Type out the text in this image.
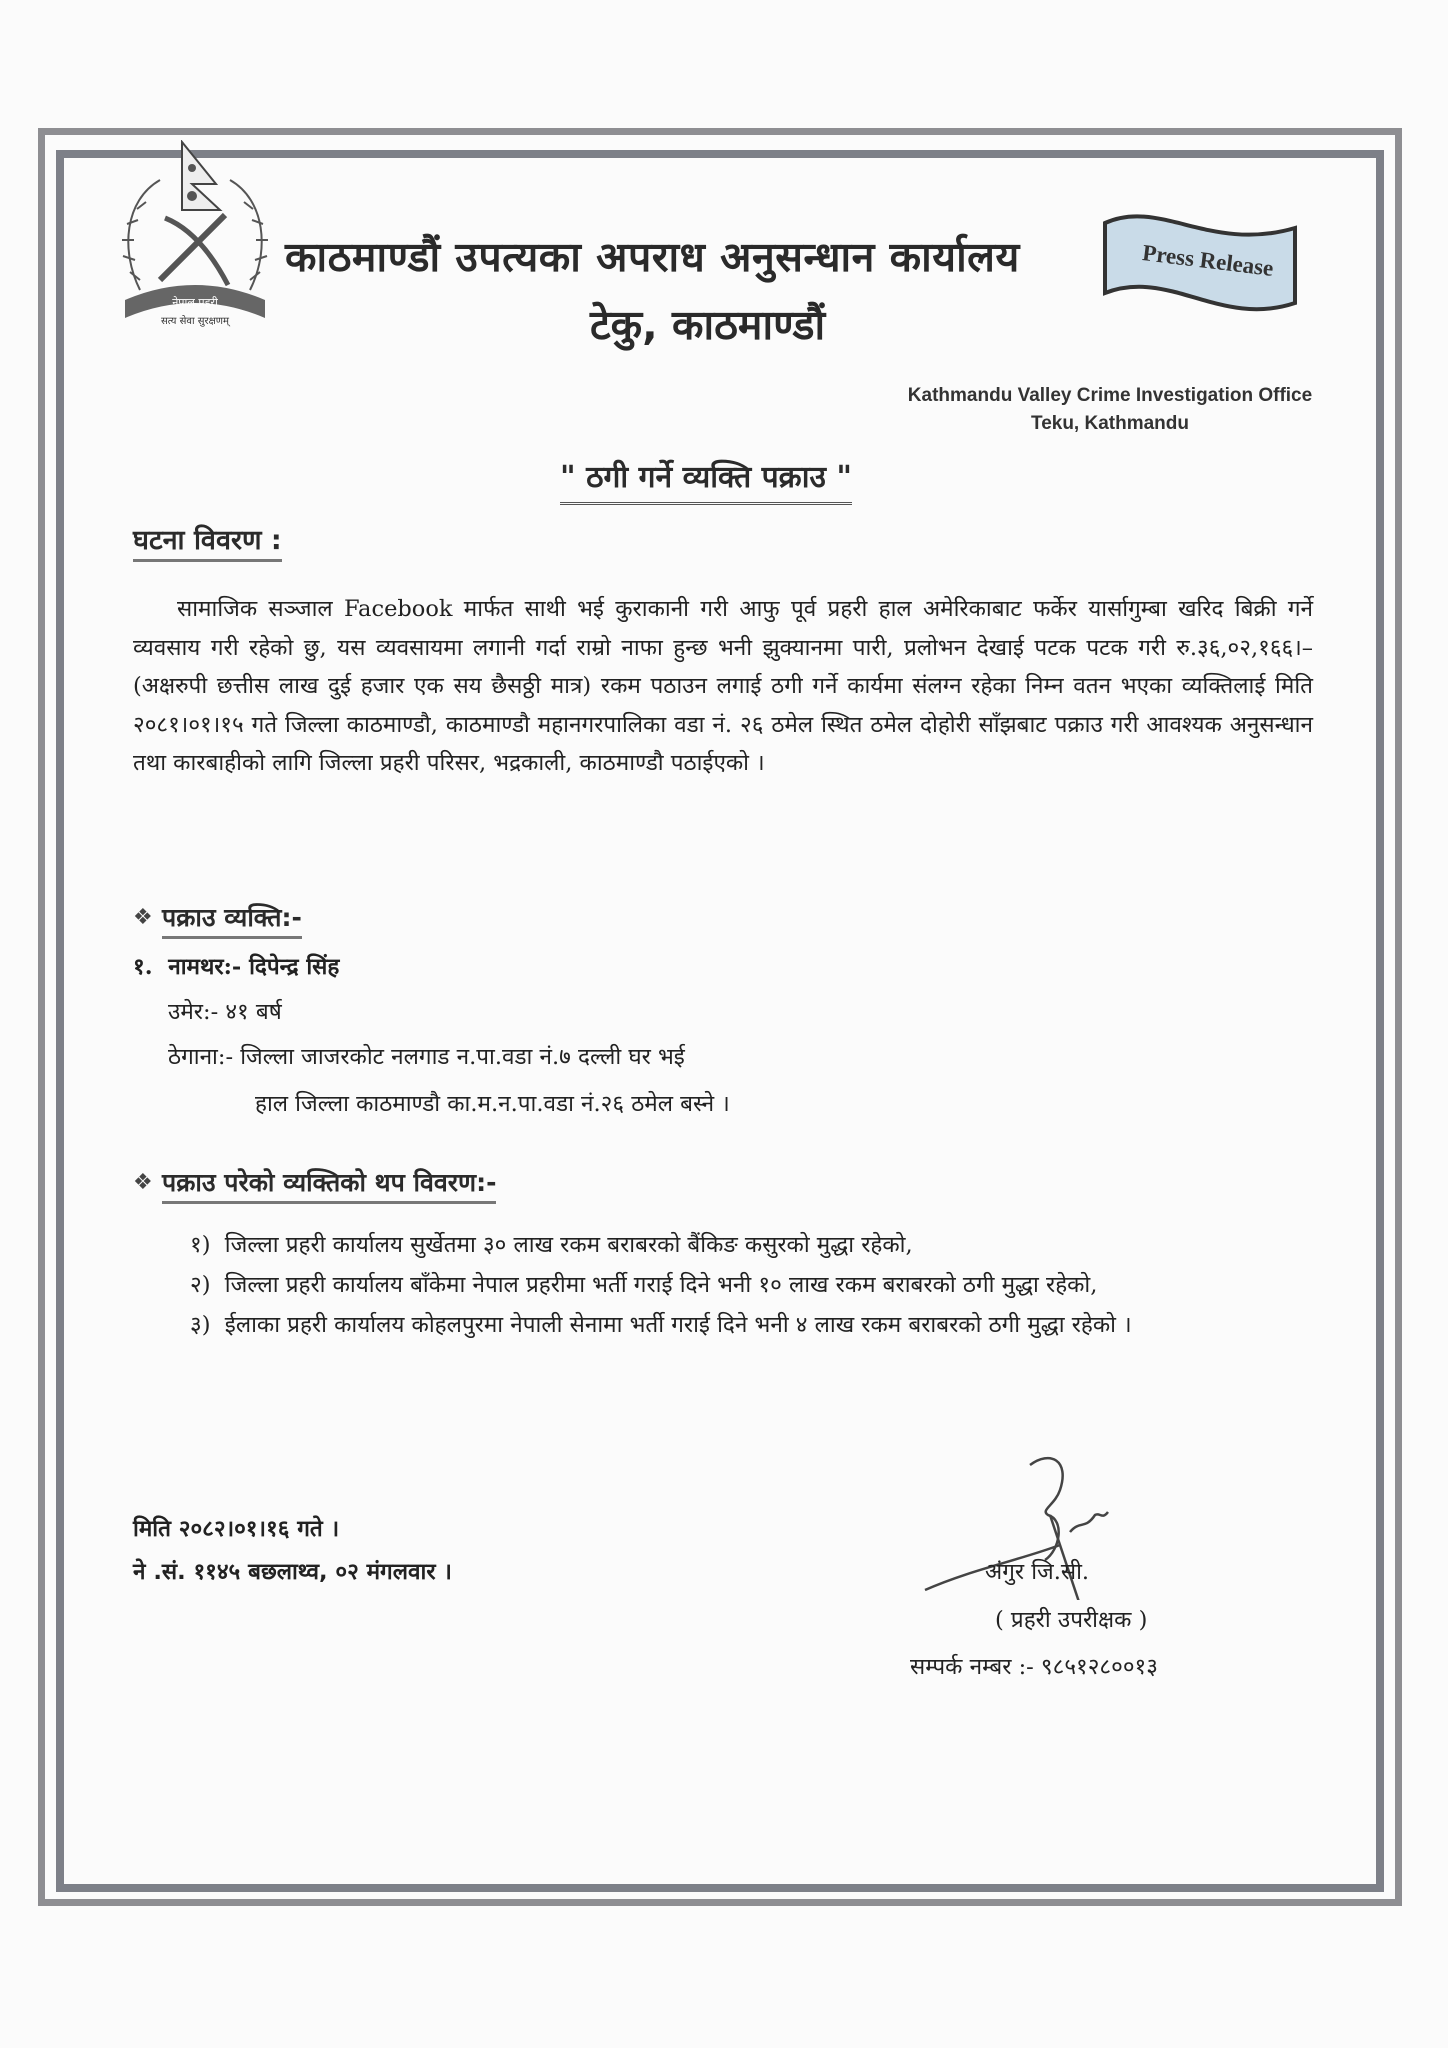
नेपाल प्रहरी
सत्य सेवा सुरक्षणम्
काठमाण्डौं उपत्यका अपराध अनुसन्धान कार्यालय
टेकु, काठमाण्डौं
Press Release
Kathmandu Valley Crime Investigation Office
Teku, Kathmandu
" ठगी गर्ने व्यक्ति पक्राउ "
घटना विवरण :
सामाजिक सञ्जाल Facebook मार्फत साथी भई कुराकानी गरी आफु पूर्व प्रहरी हाल अमेरिकाबाट फर्केर यार्सागुम्बा खरिद बिक्री गर्ने व्यवसाय गरी रहेको छु, यस व्यवसायमा लगानी गर्दा राम्रो नाफा हुन्छ भनी झुक्यानमा पारी, प्रलोभन देखाई पटक पटक गरी रु.३६,०२,१६६।– (अक्षरुपी छत्तीस लाख दुई हजार एक सय छैसठ्ठी मात्र) रकम पठाउन लगाई ठगी गर्ने कार्यमा संलग्न रहेका निम्न वतन भएका व्यक्तिलाई मिति २०८१।०१।१५ गते जिल्ला काठमाण्डौ, काठमाण्डौ महानगरपालिका वडा नं. २६ ठमेल स्थित ठमेल दोहोरी साँझबाट पक्राउ गरी आवश्यक अनुसन्धान तथा कारबाहीको लागि जिल्ला प्रहरी परिसर, भद्रकाली, काठमाण्डौ पठाईएको ।
❖ पक्राउ व्यक्ति:-
१. नामथर:- दिपेन्द्र सिंह
उमेर:- ४१ बर्ष
ठेगाना:- जिल्ला जाजरकोट नलगाड न.पा.वडा नं.७ दल्ली घर भई
हाल जिल्ला काठमाण्डौ का.म.न.पा.वडा नं.२६ ठमेल बस्ने ।
❖ पक्राउ परेको व्यक्तिको थप विवरण:-
१) जिल्ला प्रहरी कार्यालय सुर्खेतमा ३० लाख रकम बराबरको बैंकिङ कसुरको मुद्धा रहेको,
२) जिल्ला प्रहरी कार्यालय बाँकेमा नेपाल प्रहरीमा भर्ती गराई दिने भनी १० लाख रकम बराबरको ठगी मुद्धा रहेको,
३) ईलाका प्रहरी कार्यालय कोहलपुरमा नेपाली सेनामा भर्ती गराई दिने भनी ४ लाख रकम बराबरको ठगी मुद्धा रहेको ।
मिति २०८२।०१।१६ गते ।
ने .सं. ११४५ बछलाथ्व, ०२ मंगलवार ।	अंगुर जि.सी.
( प्रहरी उपरीक्षक )
सम्पर्क नम्बर :- ९८५१२८००१३
